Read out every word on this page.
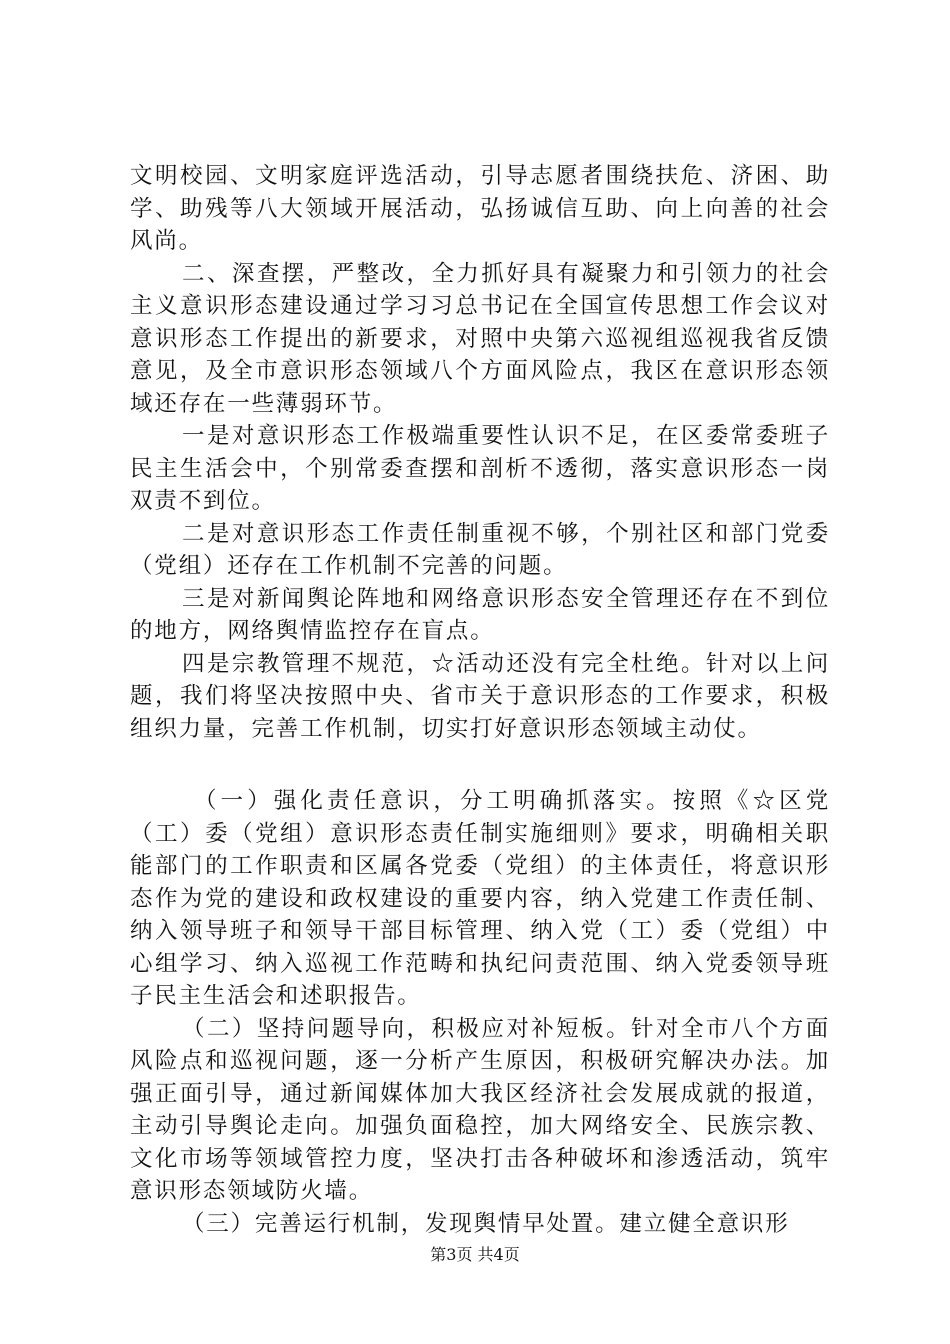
文明校园、文明家庭评选活动，引导志愿者围绕扶危、济困、助学、助残等八大领域开展活动，弘扬诚信互助、向上向善的社会风尚。

二、深查摆，严整改，全力抓好具有凝聚力和引领力的社会主义意识形态建设通过学习习总书记在全国宣传思想工作会议对意识形态工作提出的新要求，对照中央第六巡视组巡视我省反馈意见，及全市意识形态领域八个方面风险点，我区在意识形态领域还存在一些薄弱环节。

一是对意识形态工作极端重要性认识不足，在区委常委班子民主生活会中，个别常委查摆和剖析不透彻，落实意识形态一岗双责不到位。

二是对意识形态工作责任制重视不够，个别社区和部门党委（党组）还存在工作机制不完善的问题。

三是对新闻舆论阵地和网络意识形态安全管理还存在不到位的地方，网络舆情监控存在盲点。

四是宗教管理不规范，☆活动还没有完全杜绝。针对以上问题，我们将坚决按照中央、省市关于意识形态的工作要求，积极组织力量，完善工作机制，切实打好意识形态领域主动仗。

（一）强化责任意识，分工明确抓落实。按照《☆区党（工）委（党组）意识形态责任制实施细则》要求，明确相关职能部门的工作职责和区属各党委（党组）的主体责任，将意识形态作为党的建设和政权建设的重要内容，纳入党建工作责任制、纳入领导班子和领导干部目标管理、纳入党（工）委（党组）中心组学习、纳入巡视工作范畴和执纪问责范围、纳入党委领导班子民主生活会和述职报告。

（二）坚持问题导向，积极应对补短板。针对全市八个方面风险点和巡视问题，逐一分析产生原因，积极研究解决办法。加强正面引导，通过新闻媒体加大我区经济社会发展成就的报道，主动引导舆论走向。加强负面稳控，加大网络安全、民族宗教、文化市场等领域管控力度，坚决打击各种破坏和渗透活动，筑牢意识形态领域防火墙。

（三）完善运行机制，发现舆情早处置。建立健全意识形

第3页 共4页
